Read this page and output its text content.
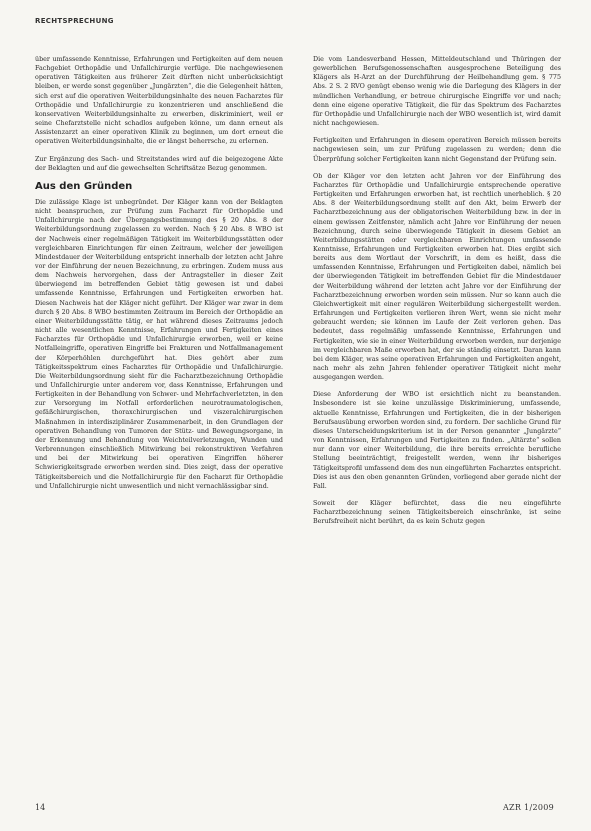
RECHTSPRECHUNG

über umfassende Kenntnisse, Erfahrungen und Fertigkeiten auf dem neuen Fachgebiet Orthopädie und Unfallchirurgie verfüge. Die nachgewiesenen operativen Tätigkeiten aus früherer Zeit dürften nicht unberücksichtigt bleiben, er werde sonst gegenüber „Jungärzten“, die die Gelegenheit hätten, sich erst auf die operativen Weiterbildungsinhalte des neuen Facharztes für Orthopädie und Unfallchirurgie zu konzentrieren und anschließend die konservativen Weiterbildungsinhalte zu erwerben, diskriminiert, weil er seine Chefarztstelle nicht schadlos aufgeben könne, um dann erneut als Assistenzarzt an einer operativen Klinik zu beginnen, um dort erneut die operativen Weiterbildungsinhalte, die er längst beherrsche, zu erlernen.

Zur Ergänzung des Sach- und Streitstandes wird auf die beigezogene Akte der Beklagten und auf die gewechselten Schriftsätze Bezug genommen.

Aus den Gründen

Die zulässige Klage ist unbegründet. Der Kläger kann von der Beklagten nicht beanspruchen, zur Prüfung zum Facharzt für Orthopädie und Unfallchirurgie nach der Übergangsbestimmung des § 20 Abs. 8 der Weiterbildungsordnung zugelassen zu werden. Nach § 20 Abs. 8 WBO ist der Nachweis einer regelmäßigen Tätigkeit im Weiterbildungsstätten oder vergleichbaren Einrichtungen für einen Zeitraum, welcher der jeweiligen Mindestdauer der Weiterbildung entspricht innerhalb der letzten acht Jahre vor der Einführung der neuen Bezeichnung, zu erbringen. Zudem muss aus dem Nachweis hervorgehen, dass der Antragsteller in dieser Zeit überwiegend im betreffenden Gebiet tätig gewesen ist und dabei umfassende Kenntnisse, Erfahrungen und Fertigkeiten erworben hat. Diesen Nachweis hat der Kläger nicht geführt. Der Kläger war zwar in dem durch § 20 Abs. 8 WBO bestimmten Zeitraum im Bereich der Orthopädie an einer Weiterbildungsstätte tätig, er hat während dieses Zeitraums jedoch nicht alle wesentlichen Kenntnisse, Erfahrungen und Fertigkeiten eines Facharztes für Orthopädie und Unfallchirurgie erworben, weil er keine Notfalleingriffe, operativen Eingriffe bei Frakturen und Notfallmanagement der Körperhöhlen durchgeführt hat. Dies gehört aber zum Tätigkeitsspektrum eines Facharztes für Orthopädie und Unfallchirurgie. Die Weiterbildungsordnung sieht für die Facharztbezeichnung Orthopädie und Unfallchirurgie unter anderem vor, dass Kenntnisse, Erfahrungen und Fertigkeiten in der Behandlung von Schwer- und Mehrfachverletzten, in den zur Versorgung im Notfall erforderlichen neurotraumatologischen, gefäßchirurgischen, thoraxchirurgischen und viszeralchirurgischen Maßnahmen in interdisziplinärer Zusammenarbeit, in den Grundlagen der operativen Behandlung von Tumoren der Stütz- und Bewegungsorgane, in der Erkennung und Behandlung von Weichteilverletzungen, Wunden und Verbrennungen einschließlich Mitwirkung bei rekonstruktiven Verfahren und bei der Mitwirkung bei operativen Eingriffen höherer Schwierigkeitsgrade erworben werden sind. Dies zeigt, dass der operative Tätigkeitsbereich und die Notfallchirurgie für den Facharzt für Orthopädie und Unfallchirurgie nicht unwesentlich und nicht vernachlässigbar sind.

Die vom Landesverband Hessen, Mitteldeutschland und Thüringen der gewerblichen Berufsgenossenschaften ausgesprochene Beteiligung des Klägers als H-Arzt an der Durchführung der Heilbehandlung gem. § 775 Abs. 2 S. 2 RVO genügt ebenso wenig wie die Darlegung des Klägers in der mündlichen Verhandlung, er betreue chirurgische Eingriffe vor und nach; denn eine eigene operative Tätigkeit, die für das Spektrum des Facharztes für Orthopädie und Unfallchirurgie nach der WBO wesentlich ist, wird damit nicht nachgewiesen.

Fertigkeiten und Erfahrungen in diesem operativen Bereich müssen bereits nachgewiesen sein, um zur Prüfung zugelassen zu werden; denn die Überprüfung solcher Fertigkeiten kann nicht Gegenstand der Prüfung sein.

Ob der Kläger vor den letzten acht Jahren vor der Einführung des Facharztes für Orthopädie und Unfallchirurgie entsprechende operative Fertigkeiten und Erfahrungen erworben hat, ist rechtlich unerheblich. § 20 Abs. 8 der Weiterbildungsordnung stellt auf den Akt, beim Erwerb der Facharztbezeichnung aus der obligatorischen Weiterbildung bzw. in der in einem gewissen Zeitfenster, nämlich acht Jahre vor Einführung der neuen Bezeichnung, durch seine überwiegende Tätigkeit in diesem Gebiet an Weiterbildungsstätten oder vergleichbaren Einrichtungen umfassende Kenntnisse, Erfahrungen und Fertigkeiten erworben hat. Dies ergibt sich bereits aus dem Wortlaut der Vorschrift, in dem es heißt, dass die umfassenden Kenntnisse, Erfahrungen und Fertigkeiten dabei, nämlich bei der überwiegenden Tätigkeit im betreffenden Gebiet für die Mindestdauer der Weiterbildung während der letzten acht Jahre vor der Einführung der Facharztbezeichnung erworben worden sein müssen. Nur so kann auch die Gleichwertigkeit mit einer regulären Weiterbildung sichergestellt werden. Erfahrungen und Fertigkeiten verlieren ihren Wert, wenn sie nicht mehr gebraucht werden; sie können im Laufe der Zeit verloren gehen. Das bedeutet, dass regelmäßig umfassende Kenntnisse, Erfahrungen und Fertigkeiten, wie sie in einer Weiterbildung erworben werden, nur derjenige im vergleichbaren Maße erworben hat, der sie ständig einsetzt. Daran kann bei dem Kläger, was seine operativen Erfahrungen und Fertigkeiten angeht, nach mehr als zehn Jahren fehlender operativer Tätigkeit nicht mehr ausgegangen werden.

Diese Anforderung der WBO ist ersichtlich nicht zu beanstanden. Insbesondere ist sie keine unzulässige Diskriminierung, umfassende, aktuelle Kenntnisse, Erfahrungen und Fertigkeiten, die in der bisherigen Berufsausübung erworben worden sind, zu fordern. Der sachliche Grund für dieses Unterscheidungskriterium ist in der Person genannter „Jungärzte“ von Kenntnissen, Erfahrungen und Fertigkeiten zu finden. „Altärzte“ sollen nur dann vor einer Weiterbildung, die ihre bereits erreichte berufliche Stellung beeinträchtigt, freigestellt werden, wenn ihr bisheriges Tätigkeitsprofil umfassend dem des nun eingeführten Facharztes entspricht. Dies ist aus den oben genannten Gründen, vorliegend aber gerade nicht der Fall.

Soweit der Kläger befürchtet, dass die neu eingeführte Facharztbezeichnung seinen Tätigkeitsbereich einschränke, ist seine Berufsfreiheit nicht berührt, da es kein Schutz gegen

14	AZR 1/2009
